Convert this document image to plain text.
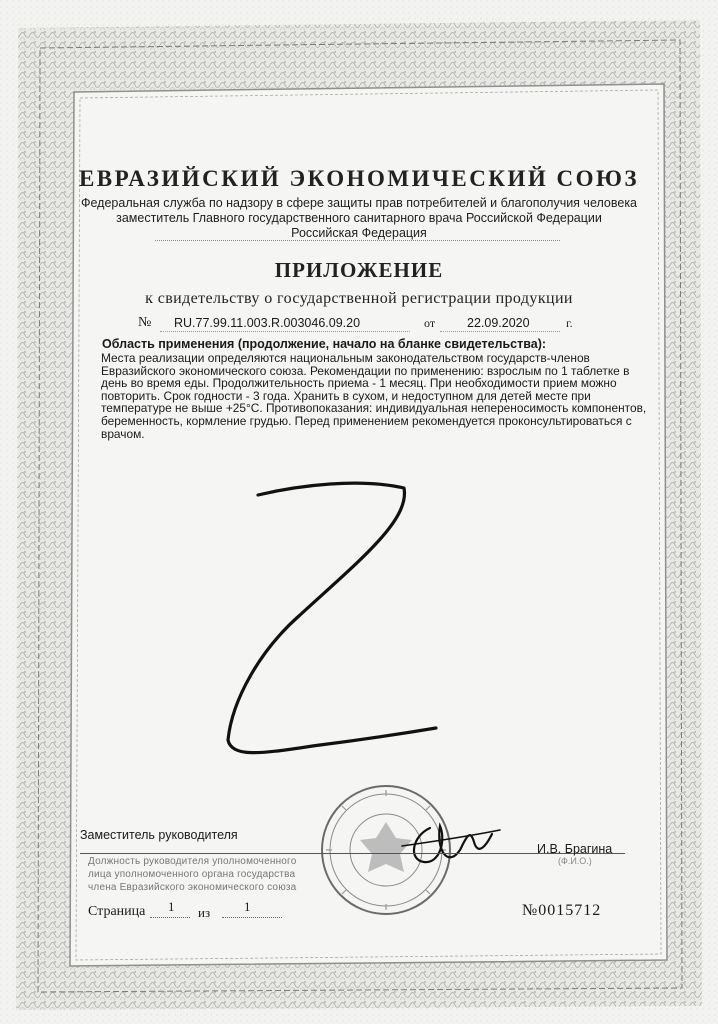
ЕВРАЗИЙСКИЙ ЭКОНОМИЧЕСКИЙ СОЮЗ
Федеральная служба по надзору в сфере защиты прав потребителей и благополучия человека
заместитель Главного государственного санитарного врача Российской Федерации
Российская Федерация
ПРИЛОЖЕНИЕ
к свидетельству о государственной регистрации продукции
№ RU.77.99.11.003.R.003046.09.20	от	22.09.2020	г.
Область применения (продолжение, начало на бланке свидетельства):
Места реализации определяются национальным законодательством государств-членов
Евразийского экономического союза. Рекомендации по применению: взрослым по 1 таблетке в
день во время еды. Продолжительность приема - 1 месяц. При необходимости прием можно
повторить. Срок годности - 3 года. Хранить в сухом, и недоступном для детей месте при
температуре не выше +25°С. Противопоказания: индивидуальная непереносимость компонентов,
беременность, кормление грудью. Перед применением рекомендуется проконсультироваться с
врачом.
Заместитель руководителя
И.В. Брагина
(Ф.И.О.)
Должность руководителя уполномоченного
лица уполномоченного органа государства
члена Евразийского экономического союза
Страница 1 из	1	№0015712
